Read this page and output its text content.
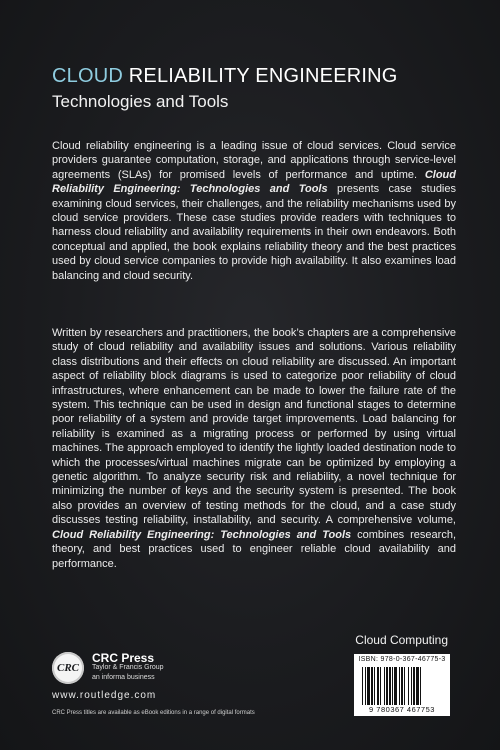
CLOUD RELIABILITY ENGINEERING
Technologies and Tools
Cloud reliability engineering is a leading issue of cloud services. Cloud service providers guarantee computation, storage, and applications through service-level agreements (SLAs) for promised levels of performance and uptime. Cloud Reliability Engineering: Technologies and Tools presents case studies examining cloud services, their challenges, and the reliability mechanisms used by cloud service providers. These case studies provide readers with techniques to harness cloud reliability and availability requirements in their own endeavors. Both conceptual and applied, the book explains reliability theory and the best practices used by cloud service companies to provide high availability. It also examines load balancing and cloud security.
Written by researchers and practitioners, the book’s chapters are a comprehensive study of cloud reliability and availability issues and solutions. Various reliability class distributions and their effects on cloud reliability are discussed. An important aspect of reliability block diagrams is used to categorize poor reliability of cloud infrastructures, where enhancement can be made to lower the failure rate of the system. This technique can be used in design and functional stages to determine poor reliability of a system and provide target improvements. Load balancing for reliability is examined as a migrating process or performed by using virtual machines. The approach employed to identify the lightly loaded destination node to which the processes/virtual machines migrate can be optimized by employing a genetic algorithm. To analyze security risk and reliability, a novel technique for minimizing the number of keys and the security system is presented. The book also provides an overview of testing methods for the cloud, and a case study discusses testing reliability, installability, and security. A comprehensive volume, Cloud Reliability Engineering: Technologies and Tools combines research, theory, and best practices used to engineer reliable cloud availability and performance.
Cloud Computing
CRC
CRC Press
Taylor & Francis Group
an informa business
www.routledge.com
CRC Press titles are available as eBook editions in a range of digital formats
ISBN: 978-0-367-46775-3
9 780367 467753
